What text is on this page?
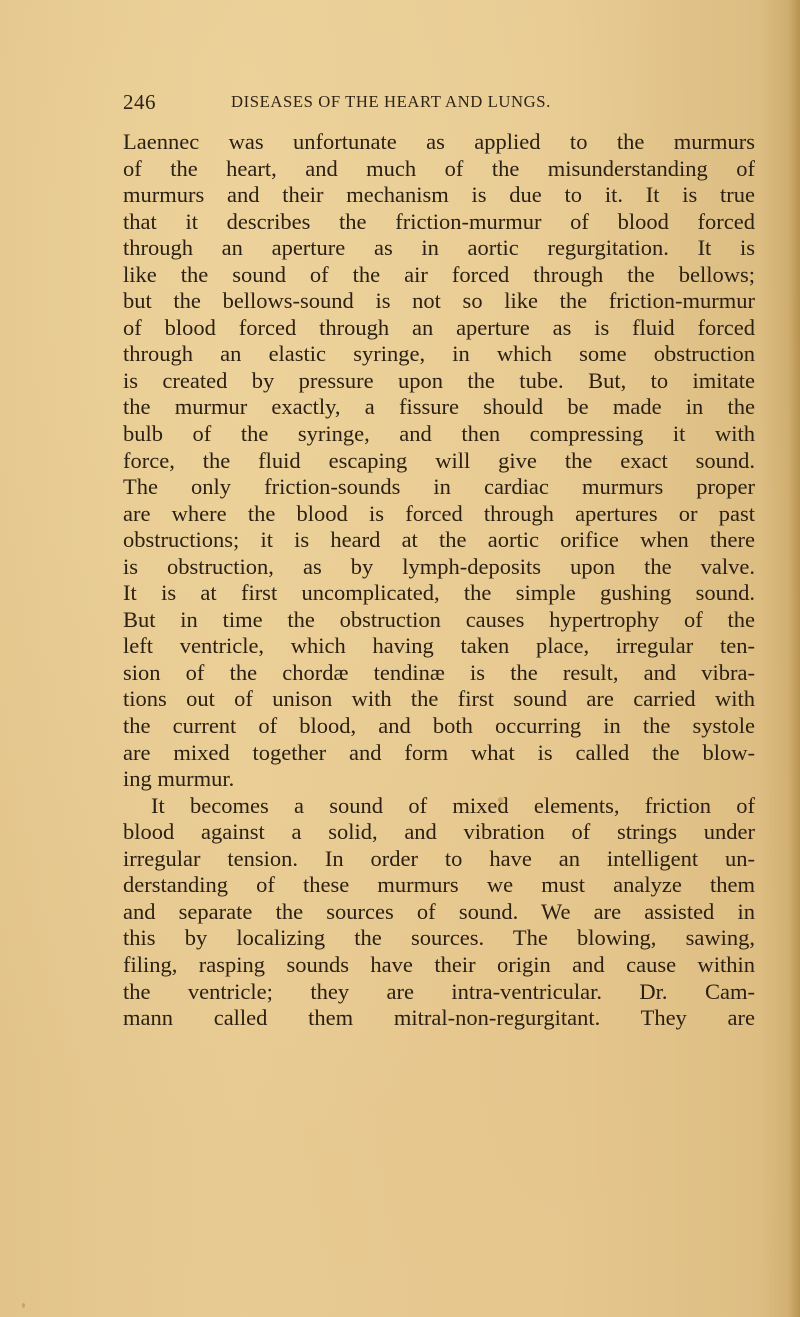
246	DISEASES OF THE HEART AND LUNGS.
Laennec was unfortunate as applied to the murmurs
of the heart, and much of the misunderstanding of
murmurs and their mechanism is due to it. It is true
that it describes the friction-murmur of blood forced
through an aperture as in aortic regurgitation. It is
like the sound of the air forced through the bellows;
but the bellows-sound is not so like the friction-murmur
of blood forced through an aperture as is fluid forced
through an elastic syringe, in which some obstruction
is created by pressure upon the tube. But, to imitate
the murmur exactly, a fissure should be made in the
bulb of the syringe, and then compressing it with
force, the fluid escaping will give the exact sound.
The only friction-sounds in cardiac murmurs proper
are where the blood is forced through apertures or past
obstructions; it is heard at the aortic orifice when there
is obstruction, as by lymph-deposits upon the valve.
It is at first uncomplicated, the simple gushing sound.
But in time the obstruction causes hypertrophy of the
left ventricle, which having taken place, irregular ten-
sion of the chordæ tendinæ is the result, and vibra-
tions out of unison with the first sound are carried with
the current of blood, and both occurring in the systole
are mixed together and form what is called the blow-
ing murmur.
It becomes a sound of mixed elements, friction of
blood against a solid, and vibration of strings under
irregular tension. In order to have an intelligent un-
derstanding of these murmurs we must analyze them
and separate the sources of sound. We are assisted in
this by localizing the sources. The blowing, sawing,
filing, rasping sounds have their origin and cause within
the ventricle; they are intra-ventricular. Dr. Cam-
mann called them mitral-non-regurgitant. They are
